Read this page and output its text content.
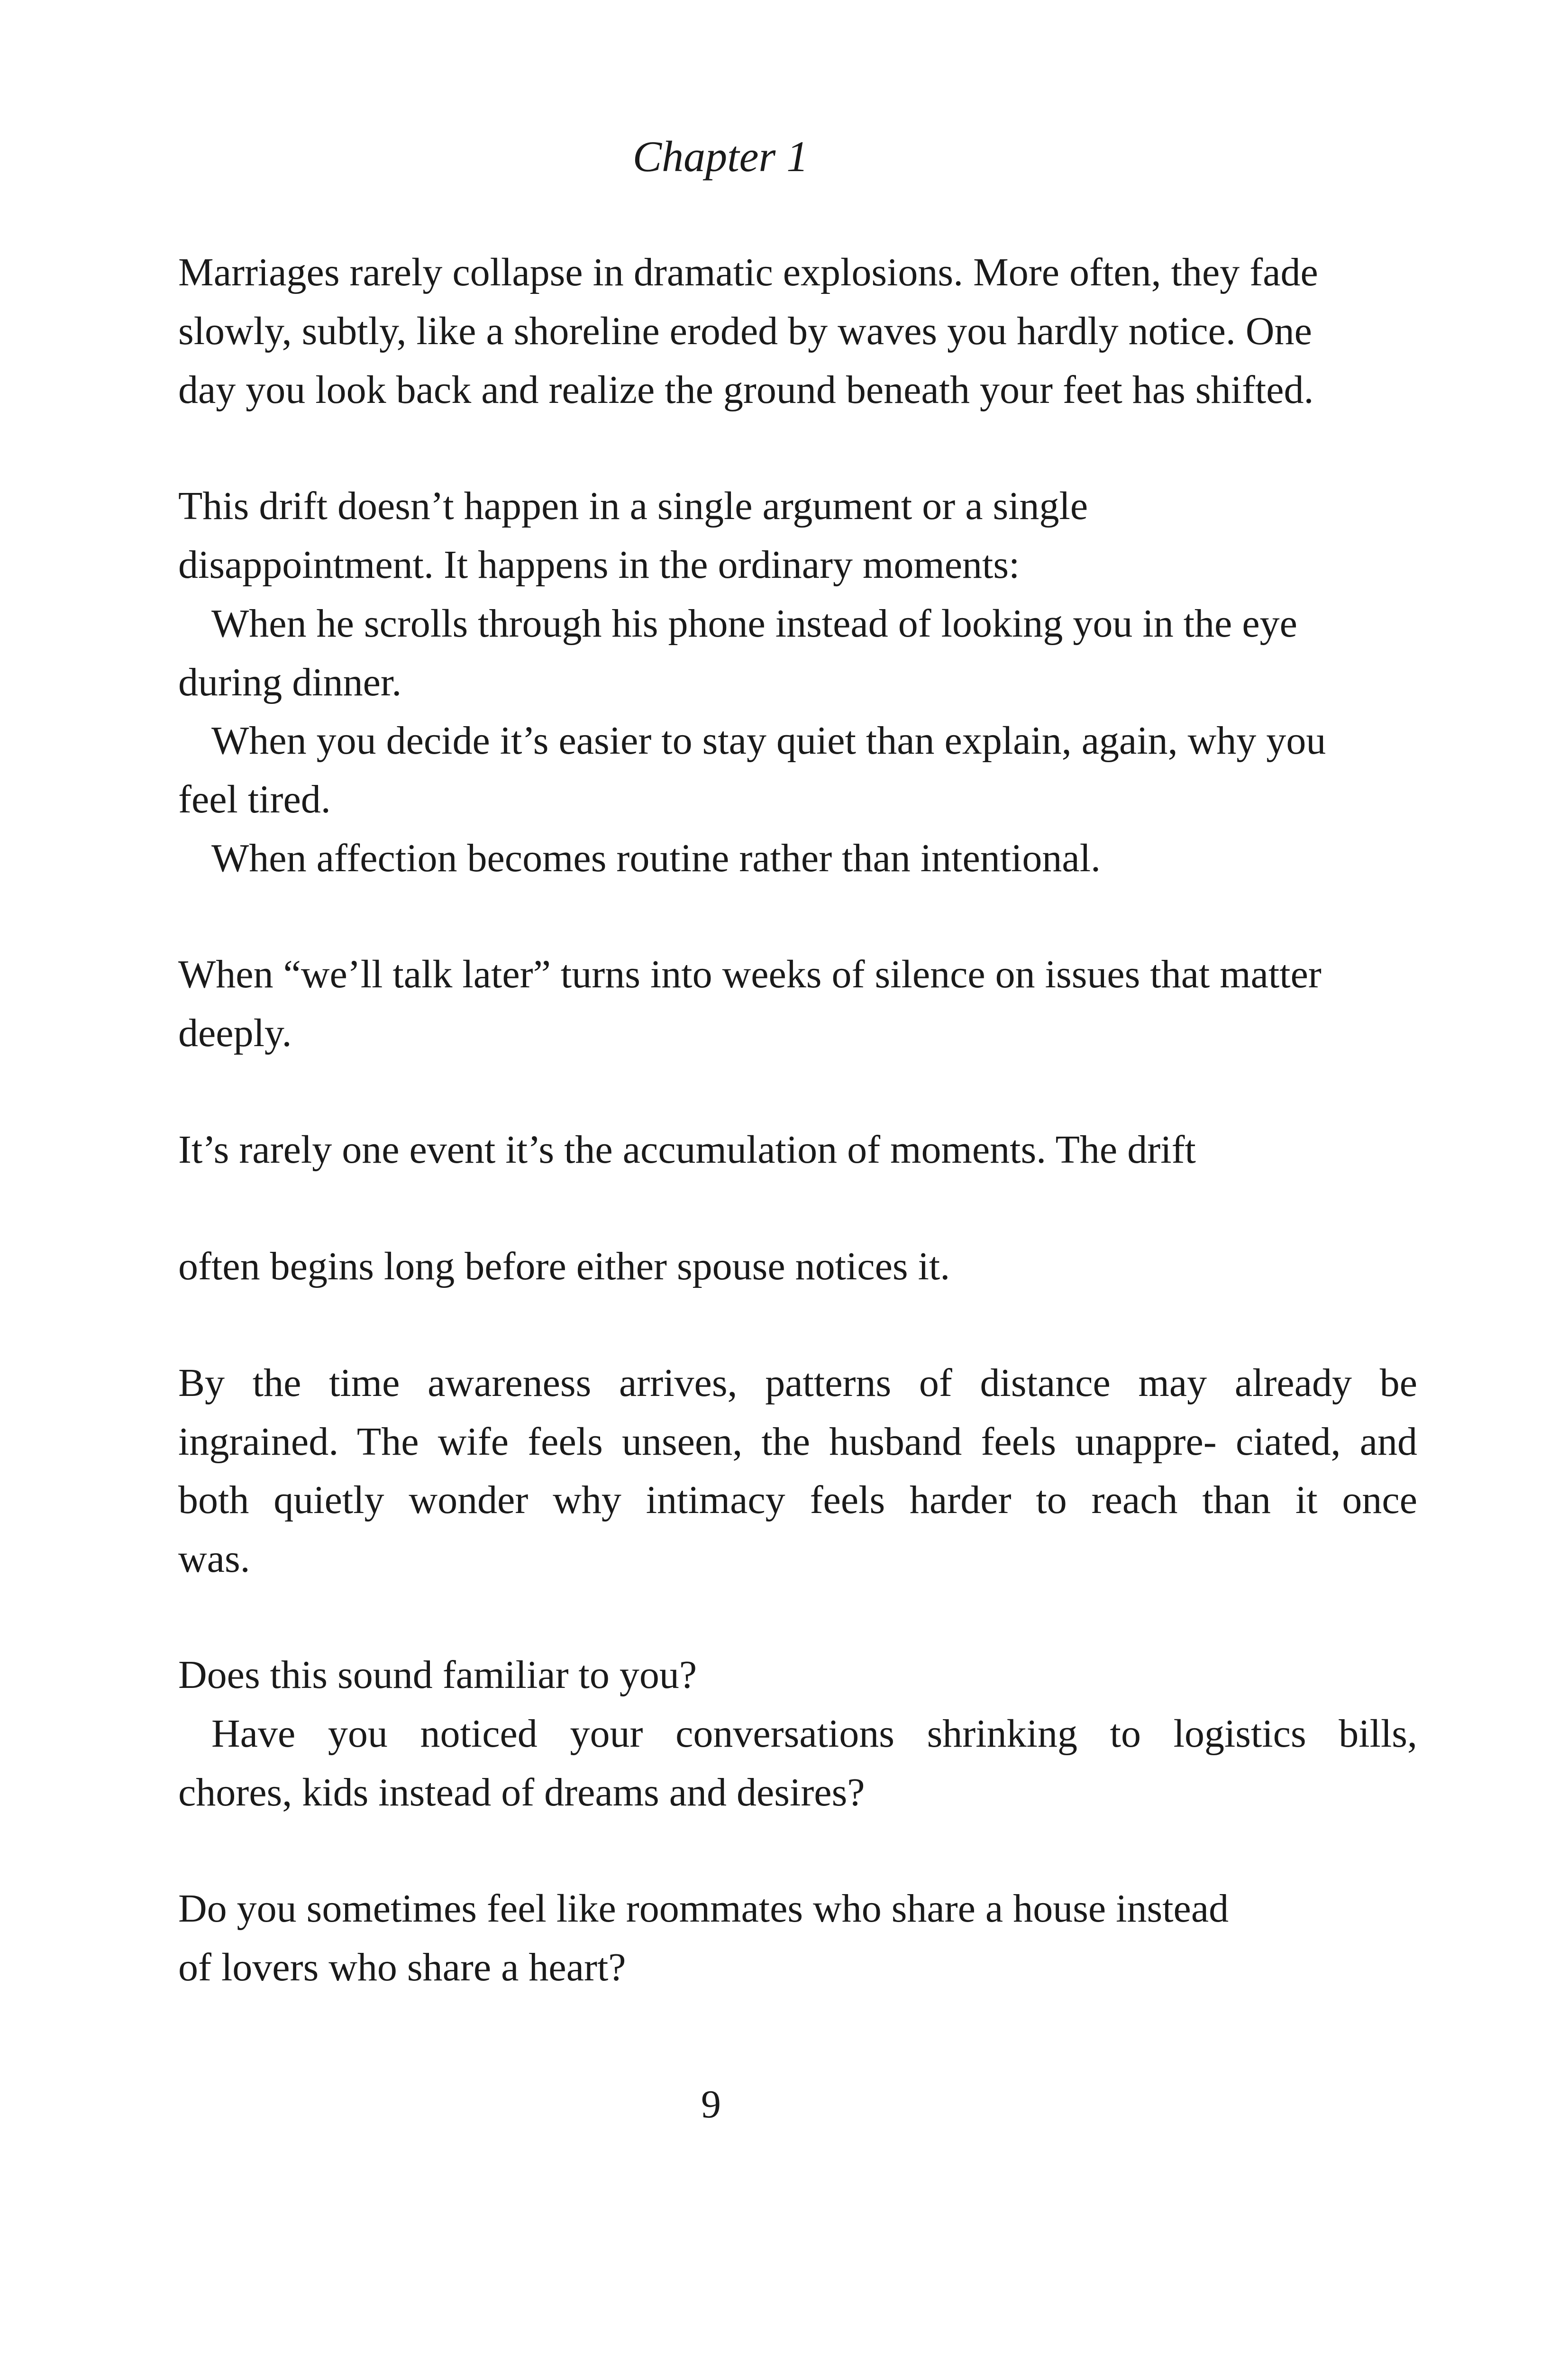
Chapter 1

Marriages rarely collapse in dramatic explosions. More often, they fade

slowly, subtly, like a shoreline eroded by waves you hardly notice. One

day you look back and realize the ground beneath your feet has shifted.

This drift doesn’t happen in a single argument or a single

disappointment. It happens in the ordinary moments:

When he scrolls through his phone instead of looking you in the eye

during dinner.

When you decide it’s easier to stay quiet than explain, again, why you

feel tired.

When affection becomes routine rather than intentional.

When “we’ll talk later” turns into weeks of silence on issues that matter

deeply.

It’s rarely one event it’s the accumulation of moments. The drift

often begins long before either spouse notices it.

By the time awareness arrives, patterns of distance may already be

ingrained. The wife feels unseen, the husband feels unappre- ciated, and

both quietly wonder why intimacy feels harder to reach than it once

was.

Does this sound familiar to you?

Have you noticed your conversations shrinking to logistics bills,

chores, kids instead of dreams and desires?

Do you sometimes feel like roommates who share a house instead

of lovers who share a heart?

9
